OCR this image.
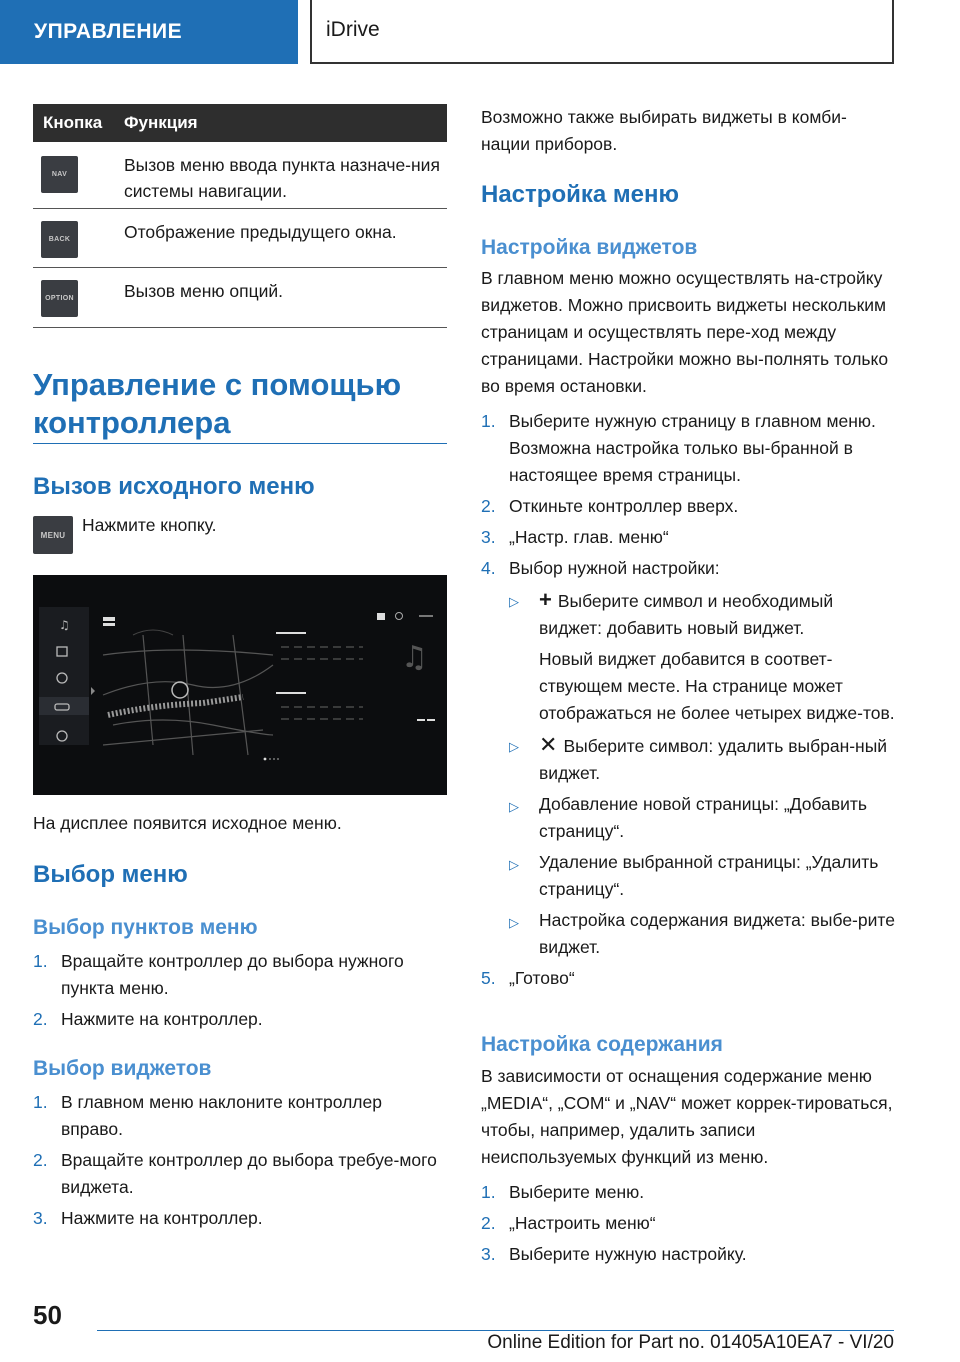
УПРАВЛЕНИЕ	iDrive
Кнопка	Функция
NAV	Вызов меню ввода пункта назначе-ния системы навигации.
BACK	Отображение предыдущего окна.
OPTION	Вызов меню опций.
Управление с помощью контроллера
Вызов исходного меню
MENU Нажмите кнопку.
♫
♫
На дисплее появится исходное меню.
Выбор меню
Выбор пунктов меню
1. Вращайте контроллер до выбора нужного пункта меню.
2. Нажмите на контроллер.
Выбор виджетов
1. В главном меню наклоните контроллер вправо.
2. Вращайте контроллер до выбора требуе-мого виджета.
3. Нажмите на контроллер.
Возможно также выбирать виджеты в комби-нации приборов.
Настройка меню
Настройка виджетов
В главном меню можно осуществлять на-стройку виджетов. Можно присвоить виджеты нескольким страницам и осуществлять пере-ход между страницами. Настройки можно вы-полнять только во время остановки.
1. Выберите нужную страницу в главном меню. Возможна настройка только вы-бранной в настоящее время страницы.
2. Откиньте контроллер вверх.
3. „Настр. глав. меню“
4. Выбор нужной настройки:
▷ + Выберите символ и необходимый виджет: добавить новый виджет.
Новый виджет добавится в соответ-ствующем месте. На странице может отображаться не более четырех видже-тов.
▷ ✕ Выберите символ: удалить выбран-ный виджет.
▷	Добавление новой страницы: „Добавить страницу“.
▷	Удаление выбранной страницы: „Удалить страницу“.
▷	Настройка содержания виджета: выбе-рите виджет.
5. „Готово“
Настройка содержания
В зависимости от оснащения содержание меню „MEDIA“, „COM“ и „NAV“ может коррек-тироваться, чтобы, например, удалить записи неиспользуемых функций из меню.
1. Выберите меню.
2. „Настроить меню“
3. Выберите нужную настройку.
50
Online Edition for Part no. 01405A10EA7 - VI/20
